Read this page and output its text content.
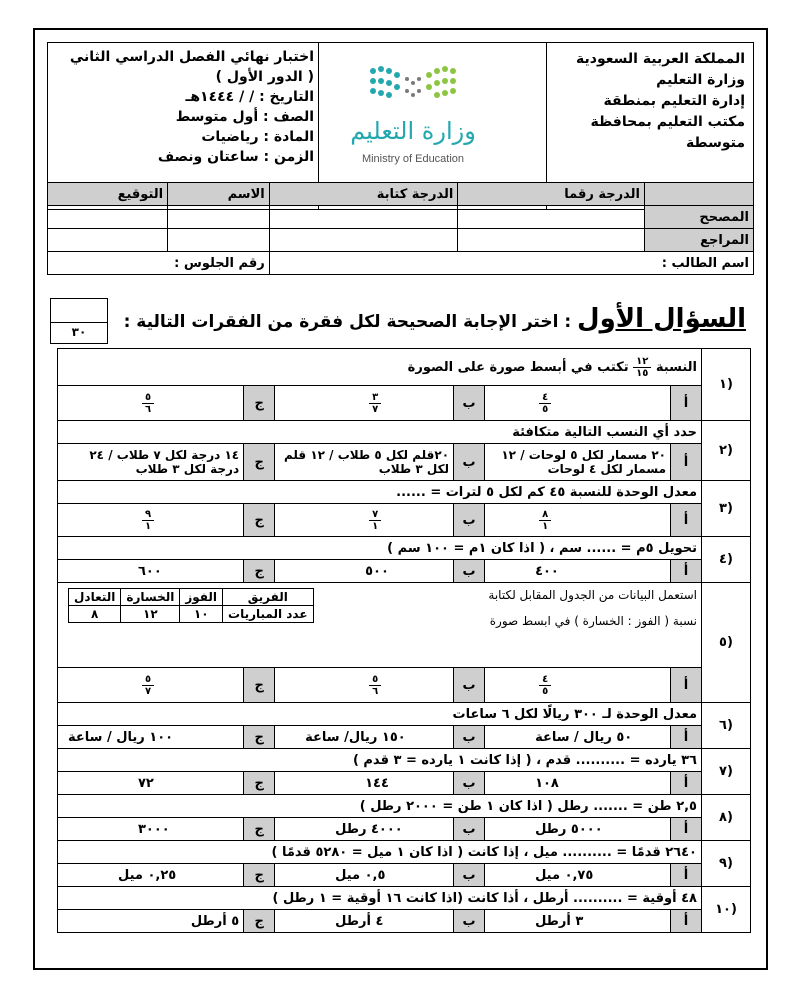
المملكة العربية السعودية
وزارة التعليم
إدارة التعليم بمنطقة
مكتب التعليم بمحافظة
متوسطة
وزارة التعليم
Ministry of Education
اختبار نهائي الفصل الدراسي الثاني
( الدور الأول )
التاريخ : / / ١٤٤٤هـ
الصف : أول متوسط
المادة : رياضيات
الزمن : ساعتان ونصف
	الدرجة رقما	الدرجة كتابة	الاسم	التوقيع
المصحح				
المراجع				
اسم الطالب :			رقم الجلوس :	
السؤال الأول : اختر الإجابة الصحيحة لكل فقرة من الفقرات التالية :
٣٠
(١	النسبة
$\frac{١٢}{١٥}$
تكتب في أبسط صورة على الصورة
أ	
$\frac{٤}{٥}$
	ب	
$\frac{٣}{٧}$
	ج	
$\frac{٥}{٦}$

(٢	حدد أي النسب التالية متكافئة
أ	٢٠ مسمار لكل ٥ لوحات / ١٢ مسمار لكل ٤ لوحات	ب	٢٠قلم لكل ٥ طلاب / ١٢ قلم لكل ٣ طلاب	ج	١٤ درجة لكل ٧ طلاب / ٢٤ درجة لكل ٣ طلاب
(٣	معدل الوحدة للنسبة ٤٥ كم لكل ٥ لترات = ......
أ	
$\frac{٨}{١}$
	ب	
$\frac{٧}{١}$
	ج	
$\frac{٩}{١}$

(٤	تحويل ٥م = ...... سم ، ( اذا كان ١م = ١٠٠ سم )
أ	٤٠٠	ب	٥٠٠	ج	٦٠٠
(٥	
استعمل البيانات من الجدول المقابل لكتابة
نسبة ( الفوز : الخسارة ) في ابسط صورة
الفريق	الفوز	الخسارة	التعادل
عدد المباريات	١٠	١٢	٨

أ	
$\frac{٤}{٥}$
	ب	
$\frac{٥}{٦}$
	ج	
$\frac{٥}{٧}$

(٦	معدل الوحدة لـ ٣٠٠ ريالًا لكل ٦ ساعات
أ	٥٠ ريال / ساعة	ب	١٥٠ ريال/ ساعة	ج	١٠٠ ريال / ساعة
(٧	٣٦ يارده = .......... قدم ، ( إذا كانت ١ يارده = ٣ قدم )
أ	١٠٨	ب	١٤٤	ج	٧٢
(٨	٢,٥ طن = ....... رطل ( اذا كان ١ طن = ٢٠٠٠ رطل )
أ	٥٠٠٠ رطل	ب	٤٠٠٠ رطل	ج	٣٠٠٠
(٩	٢٦٤٠ قدمًا = .......... ميل ، إذا كانت ( اذا كان ١ ميل = ٥٢٨٠ قدمًا )
أ	٠,٧٥ ميل	ب	٠,٥ ميل	ج	٠,٢٥ ميل
(١٠	٤٨ أوقية = .......... أرطل ، أذا كانت (اذا كانت ١٦ أوقية = ١ رطل )
أ	٣ أرطل	ب	٤ أرطل	ج	٥ أرطل
